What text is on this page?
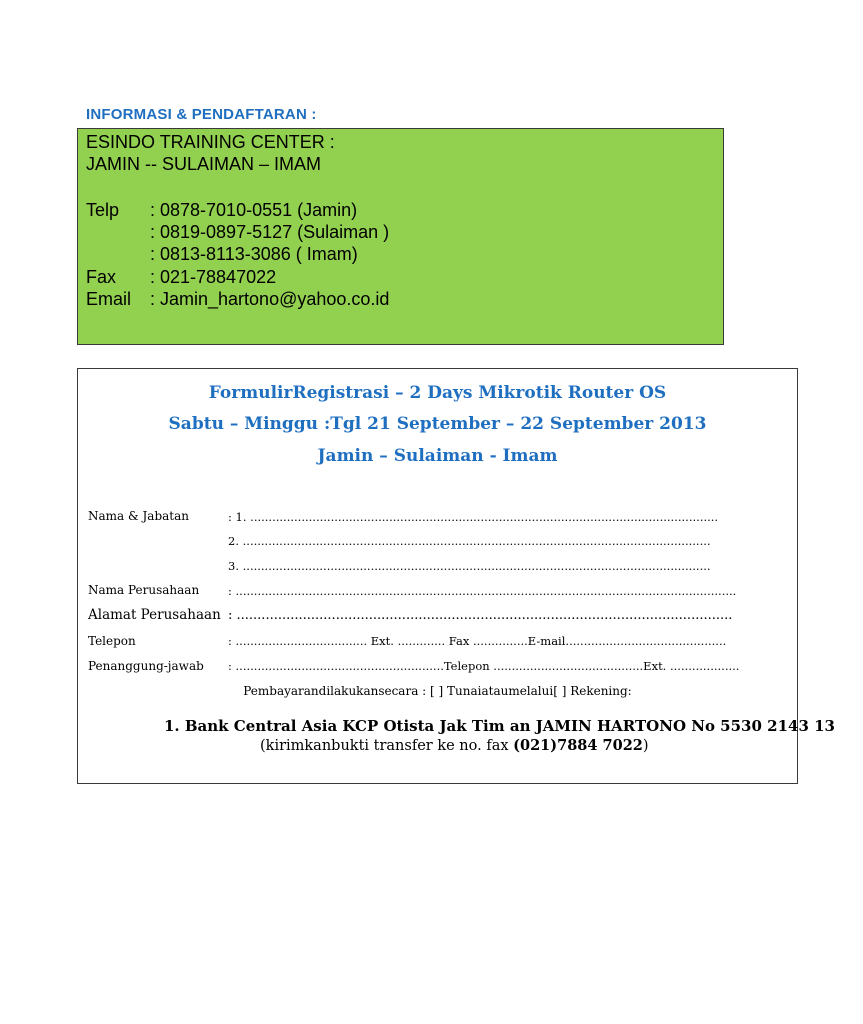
INFORMASI & PENDAFTARAN :
ESINDO TRAINING CENTER :
JAMIN -- SULAIMAN – IMAM
Telp : 0878-7010-0551 (Jamin)
: 0819-0897-5127 (Sulaiman )
: 0813-8113-3086 ( Imam)
Fax : 021-78847022
Email : Jamin_hartono@yahoo.co.id
FormulirRegistrasi – 2 Days Mikrotik Router OS
Sabtu – Minggu :Tgl 21 September – 22 September 2013
Jamin – Sulaiman - Imam
Nama & Jabatan	: 1. ................................................................................................................................
2. ................................................................................................................................
3. ................................................................................................................................
Nama Perusahaan	: .........................................................................................................................................
Alamat Perusahaan : ........................................................................................................................
Telepon	: .................................... Ext. ............. Fax ...............E-mail............................................
Penanggung-jawab : .........................................................Telepon .........................................Ext. ...................
Pembayarandilakukansecara : [ ] Tunaiataumelalui[ ] Rekening:
1. Bank Central Asia KCP Otista Jak Tim an JAMIN HARTONO No 5530 2143 13
(kirimkanbukti transfer ke no. fax (021)7884 7022)
